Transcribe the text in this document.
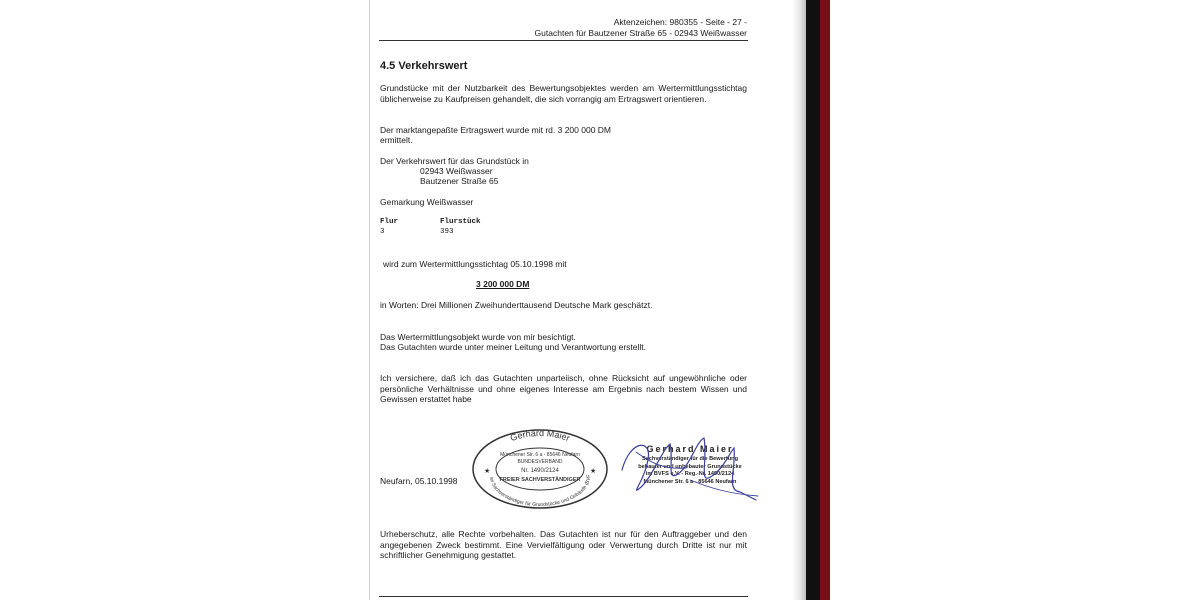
Aktenzeichen: 980355 - Seite - 27 -
Gutachten für Bautzener Straße 65 - 02943 Weißwasser
4.5 Verkehrswert
Grundstücke mit der Nutzbarkeit des Bewertungsobjektes werden am Wertermittlungsstichtag üblicherweise zu Kaufpreisen gehandelt, die sich vorrangig am Ertragswert orientieren.
Der marktangepaßte Ertragswert wurde mit rd. 3 200 000 DM
ermittelt.
Der Verkehrswert für das Grundstück in
02943 Weißwasser
Bautzener Straße 65
Gemarkung Weißwasser
Flur	Flurstück
3	393
wird zum Wertermittlungsstichtag 05.10.1998 mit
3 200 000 DM
in Worten: Drei Millionen Zweihunderttausend Deutsche Mark geschätzt.
Das Wertermittlungsobjekt wurde von mir besichtigt.
Das Gutachten wurde unter meiner Leitung und Verantwortung erstellt.
Ich versichere, daß ich das Gutachten unparteiisch, ohne Rücksicht auf ungewöhnliche oder persönliche Verhältnisse und ohne eigenes Interesse am Ergebnis nach bestem Wissen und Gewissen erstattet habe
Neufarn, 05.10.1998
Gerhard Maier
Münchener Str. 6 a - 85646 Neufarn
BUNDESVERBAND
Nr. 1490/2124
FREIER SACHVERSTÄNDIGER
ier Sachverständiger für Grundstücke und Gebäude (BVF
★	★
Gerhard Maier
Sachverständiger für die Bewertung
bebauter und unbebauter Grundstücke
im BVFS e.V. - Reg.-Nr. 1490/2124
Münchener Str. 6 a - 85646 Neufarn
Urheberschutz, alle Rechte vorbehalten. Das Gutachten ist nur für den Auftraggeber und den angegebenen Zweck bestimmt. Eine Vervielfältigung oder Verwertung durch Dritte ist nur mit schriftlicher Genehmigung gestattet.
